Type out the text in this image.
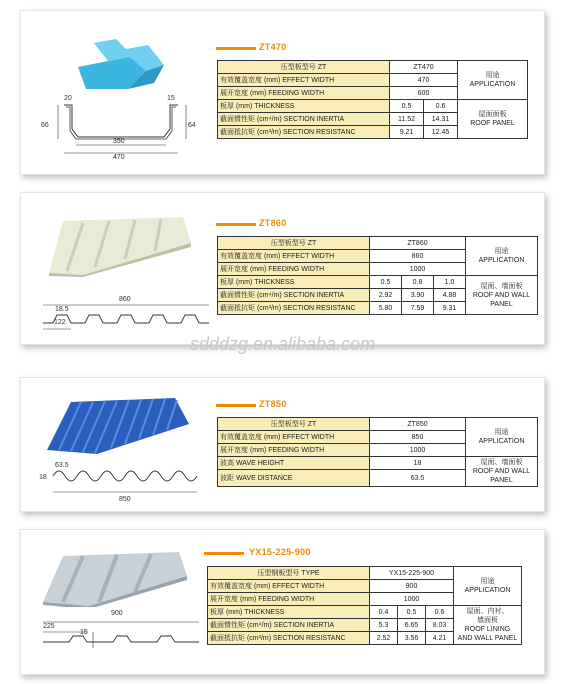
20	15
66	64
350
470
ZT470
压型板型号 ZT	ZT470		用途
APPLICATION

有效覆盖宽度 (mm) EFFECT WIDTH	470		
展开宽度 (mm) FEEDING WIDTH	600		
板厚 (mm) THICKNESS	0.5	0.6	屋面面板
ROOF PANEL

截面惯性矩 (cm⁴/m) SECTION INERTIA	11.52	14.31	
截面抵抗矩 (cm³/m) SECTION RESISTANC	9.21	12.45	
860
18.5
122
ZT860
压型板型号 ZT	ZT860			用途
APPLICATION

有效覆盖宽度 (mm) EFFECT WIDTH	860			
展开宽度 (mm) FEEDING WIDTH	1000			
板厚 (mm) THICKNESS	0.5	0.8	1.0	屋面、墙面板
ROOF AND WALL
PANEL

截面惯性矩 (cm⁴/m) SECTION INERTIA	2.92	3.90	4.88	
截面抵抗矩 (cm³/m) SECTION RESISTANC	5.80	7.59	9.31	
sdddzg.en.alibaba.com
63.5
18
850
ZT850
压型板型号 ZT	ZT850	用途
APPLICATION

有效覆盖宽度 (mm) EFFECT WIDTH	850	
展开宽度 (mm) FEEDING WIDTH	1000	
波高 WAVE HEIGHT	18	屋面、墙面板
ROOF AND WALL
PANEL

波距 WAVE DISTANCE	63.5	
900
225
15
YX15-225-900
压型钢板型号 TYPE	YX15-225-900			用途
APPLICATION

有效覆盖宽度 (mm) EFFECT WIDTH	900			
展开宽度 (mm) FEEDING WIDTH	1000			
板厚 (mm) THICKNESS	0.4	0.5	0.6	屋面、内衬、
墙面板
ROOF LINING
AND WALL PANEL

截面惯性矩 (cm⁴/m) SECTION INERTIA	5.3	6.65	8.03	
截面抵抗矩 (cm³/m) SECTION RESISTANC	2.52	3.56	4.21	
